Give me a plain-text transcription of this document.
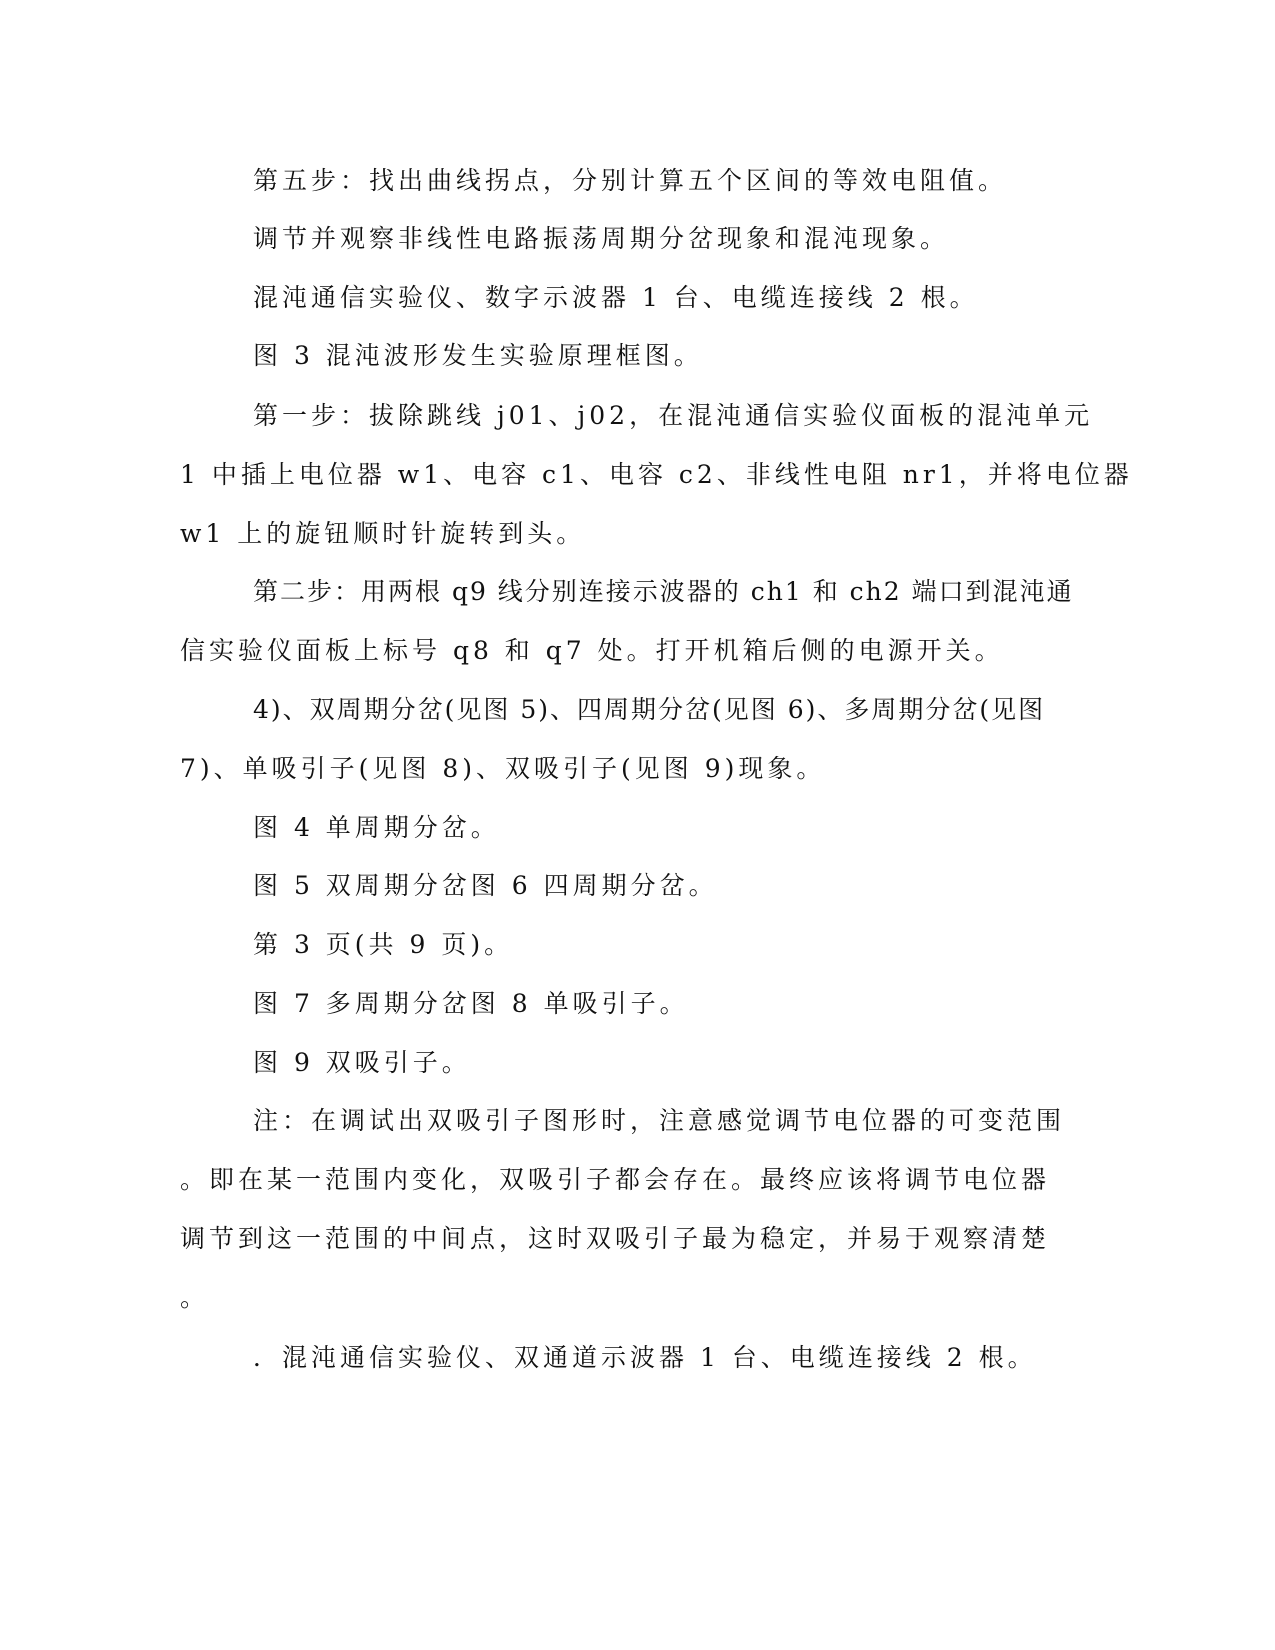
第五步：找出曲线拐点，分别计算五个区间的等效电阻值。
调节并观察非线性电路振荡周期分岔现象和混沌现象。
混沌通信实验仪、数字示波器 1 台、电缆连接线 2 根。
图 3 混沌波形发生实验原理框图。
第一步：拔除跳线 j01、j02，在混沌通信实验仪面板的混沌单元
1 中插上电位器 w1、电容 c1、电容 c2、非线性电阻 nr1，并将电位器
w1 上的旋钮顺时针旋转到头。
第二步：用两根 q9 线分别连接示波器的 ch1 和 ch2 端口到混沌通
信实验仪面板上标号 q8 和 q7 处。打开机箱后侧的电源开关。
4)、双周期分岔(见图 5)、四周期分岔(见图 6)、多周期分岔(见图
7)、单吸引子(见图 8)、双吸引子(见图 9)现象。
图 4 单周期分岔。
图 5 双周期分岔图 6 四周期分岔。
第 3 页(共 9 页)。
图 7 多周期分岔图 8 单吸引子。
图 9 双吸引子。
注：在调试出双吸引子图形时，注意感觉调节电位器的可变范围
。即在某一范围内变化，双吸引子都会存在。最终应该将调节电位器
调节到这一范围的中间点，这时双吸引子最为稳定，并易于观察清楚
。
．混沌通信实验仪、双通道示波器 1 台、电缆连接线 2 根。
